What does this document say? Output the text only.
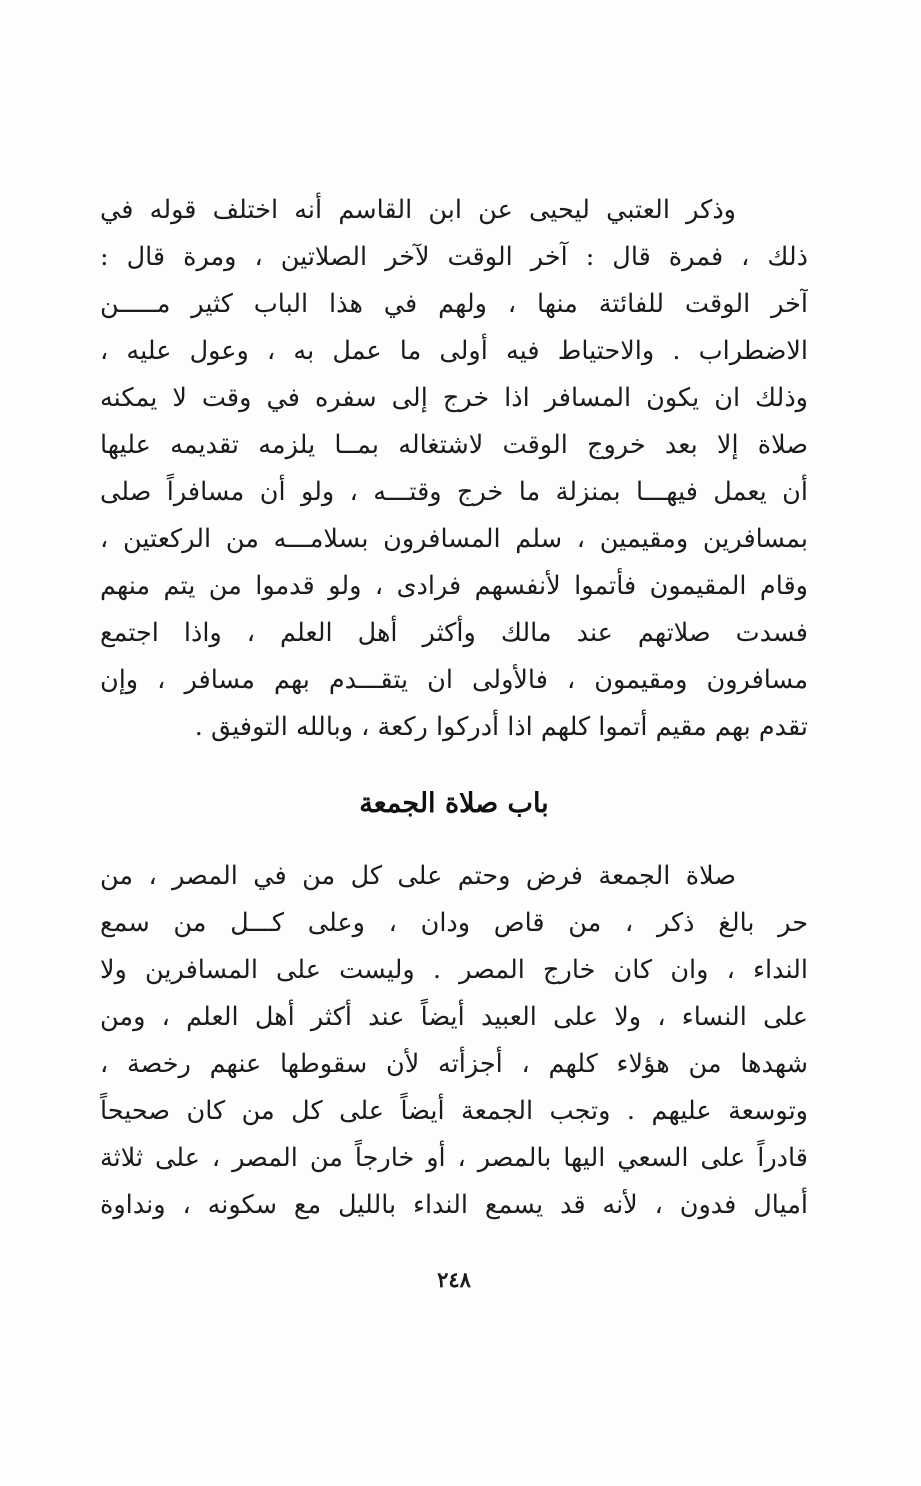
وذكر العتبي ليحيى عن ابن القاسم أنه اختلف قوله في
ذلك ، فمرة قال : آخر الوقت لآخر الصلاتين ، ومرة قال :
آخر الوقت للفائتة منها ، ولهم في هذا الباب كثير مـــــن
الاضطراب . والاحتياط فيه أولى ما عمل به ، وعول عليه ،
وذلك ان يكون المسافر اذا خرج إلى سفره في وقت لا يمكنه
صلاة إلا بعد خروج الوقت لاشتغاله بمــا يلزمه تقديمه عليها
أن يعمل فيهـــا بمنزلة ما خرج وقتـــه ، ولو أن مسافراً صلى
بمسافرين ومقيمين ، سلم المسافرون بسلامـــه من الركعتين ،
وقام المقيمون فأتموا لأنفسهم فرادى ، ولو قدموا من يتم منهم
فسدت صلاتهم عند مالك وأكثر أهل العلم ، واذا اجتمع
مسافرون ومقيمون ، فالأولى ان يتقـــدم بهم مسافر ، وإن
تقدم بهم مقيم أتموا كلهم اذا أدركوا ركعة ، وبالله التوفيق .
باب صلاة الجمعة
صلاة الجمعة فرض وحتم على كل من في المصر ، من
حر بالغ ذكر ، من قاص ودان ، وعلى كـــل من سمع
النداء ، وان كان خارج المصر . وليست على المسافرين ولا
على النساء ، ولا على العبيد أيضاً عند أكثر أهل العلم ، ومن
شهدها من هؤلاء كلهم ، أجزأته لأن سقوطها عنهم رخصة ،
وتوسعة عليهم . وتجب الجمعة أيضاً على كل من كان صحيحاً
قادراً على السعي اليها بالمصر ، أو خارجاً من المصر ، على ثلاثة
أميال فدون ، لأنه قد يسمع النداء بالليل مع سكونه ، ونداوة
٢٤٨
